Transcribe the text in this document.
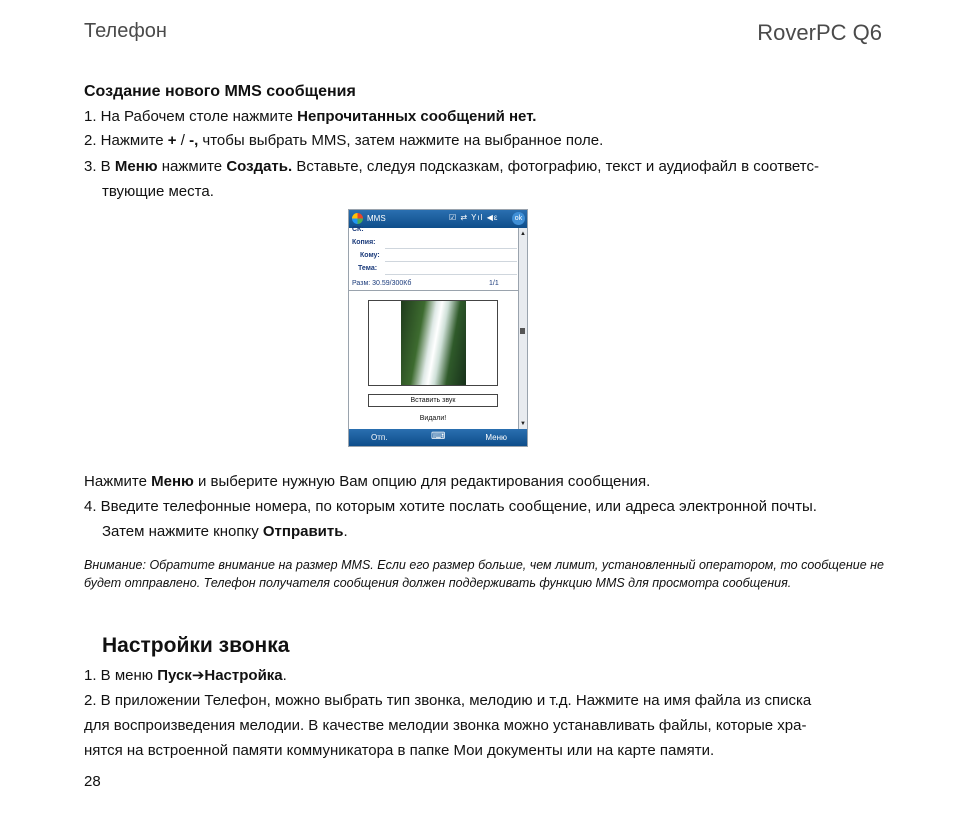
Телефон	RoverPC Q6
Создание нового MMS сообщения
1. На Рабочем столе нажмите Непрочитанных сообщений нет.
2. Нажмите + / -, чтобы выбрать MMS, затем нажмите на выбранное поле.
3. В Меню нажмите Создать. Вставьте, следуя подсказкам, фотографию, текст и аудиофайл в соответс-
твующие места.
MMS	☑ ⇄ Yıl ◀ε	ok
СК:
Копия:
Кому:
Тема:
Разм: 30.59/300Кб	1/1
Вставить звук
Видали!
▲
▼
Отп.	⌨	Меню
Нажмите Меню и выберите нужную Вам опцию для редактирования сообщения.
4. Введите телефонные номера, по которым хотите послать сообщение, или адреса электронной почты.
Затем нажмите кнопку Отправить.
Внимание: Обратите внимание на размер MMS. Если его размер больше, чем лимит, установленный оператором, то сообщение не будет отправлено. Телефон получателя сообщения должен поддерживать функцию MMS для просмотра сообщения.
Настройки звонка
1. В меню Пуск➔Настройка.
2. В приложении Телефон, можно выбрать тип звонка, мелодию и т.д. Нажмите на имя файла из списка
для воспроизведения мелодии. В качестве мелодии звонка можно устанавливать файлы, которые хра-
нятся на встроенной памяти коммуникатора в папке Мои документы или на карте памяти.
28
